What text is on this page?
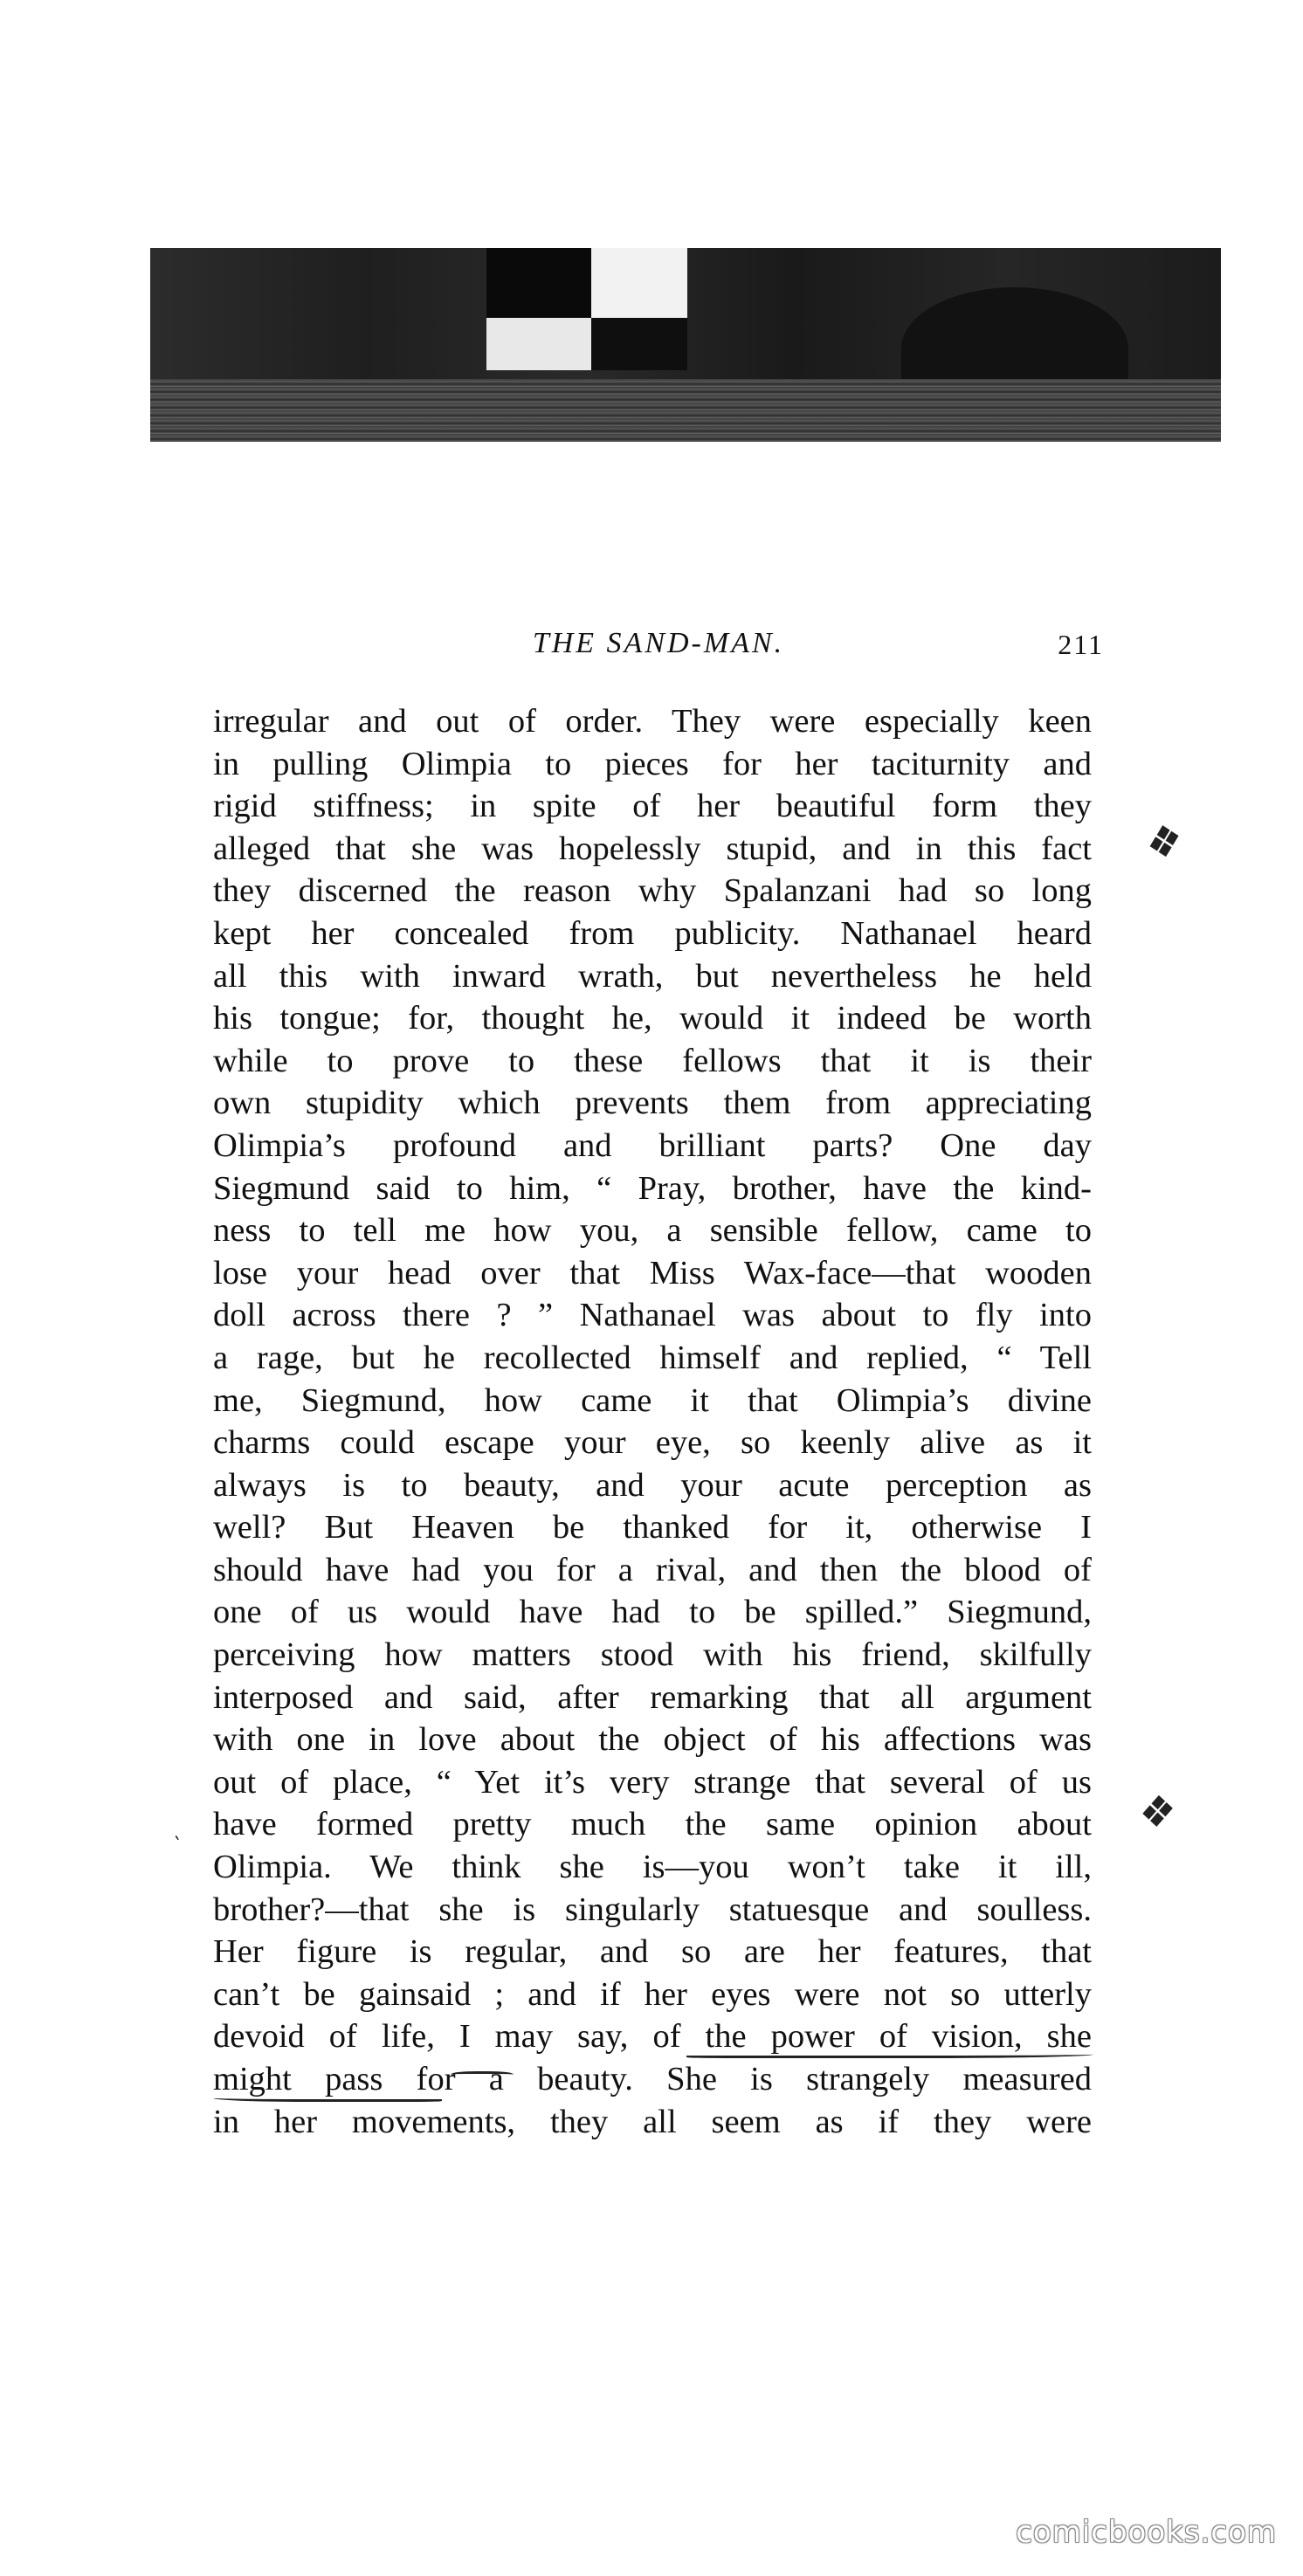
THE SAND-MAN.	211
irregular and out of order. They were especially keen
in pulling Olimpia to pieces for her taciturnity and
rigid stiffness; in spite of her beautiful form they
alleged that she was hopelessly stupid, and in this fact
they discerned the reason why Spalanzani had so long
kept her concealed from publicity. Nathanael heard
all this with inward wrath, but nevertheless he held
his tongue; for, thought he, would it indeed be worth
while to prove to these fellows that it is their
own stupidity which prevents them from appreciating
Olimpia’s profound and brilliant parts? One day
Siegmund said to him, “ Pray, brother, have the kind-
ness to tell me how you, a sensible fellow, came to
lose your head over that Miss Wax-face—that wooden
doll across there ? ” Nathanael was about to fly into
a rage, but he recollected himself and replied, “ Tell
me, Siegmund, how came it that Olimpia’s divine
charms could escape your eye, so keenly alive as it
always is to beauty, and your acute perception as
well? But Heaven be thanked for it, otherwise I
should have had you for a rival, and then the blood of
one of us would have had to be spilled.” Siegmund,
perceiving how matters stood with his friend, skilfully
interposed and said, after remarking that all argument
with one in love about the object of his affections was
out of place, “ Yet it’s very strange that several of us
have formed pretty much the same opinion about
Olimpia. We think she is—you won’t take it ill,
brother?—that she is singularly statuesque and soulless.
Her figure is regular, and so are her features, that
can’t be gainsaid ; and if her eyes were not so utterly
devoid of life, I may say, of the power of vision, she
might pass for a beauty. She is strangely measured
in her movements, they all seem as if they were
❖
❖
`
comicbooks.com
